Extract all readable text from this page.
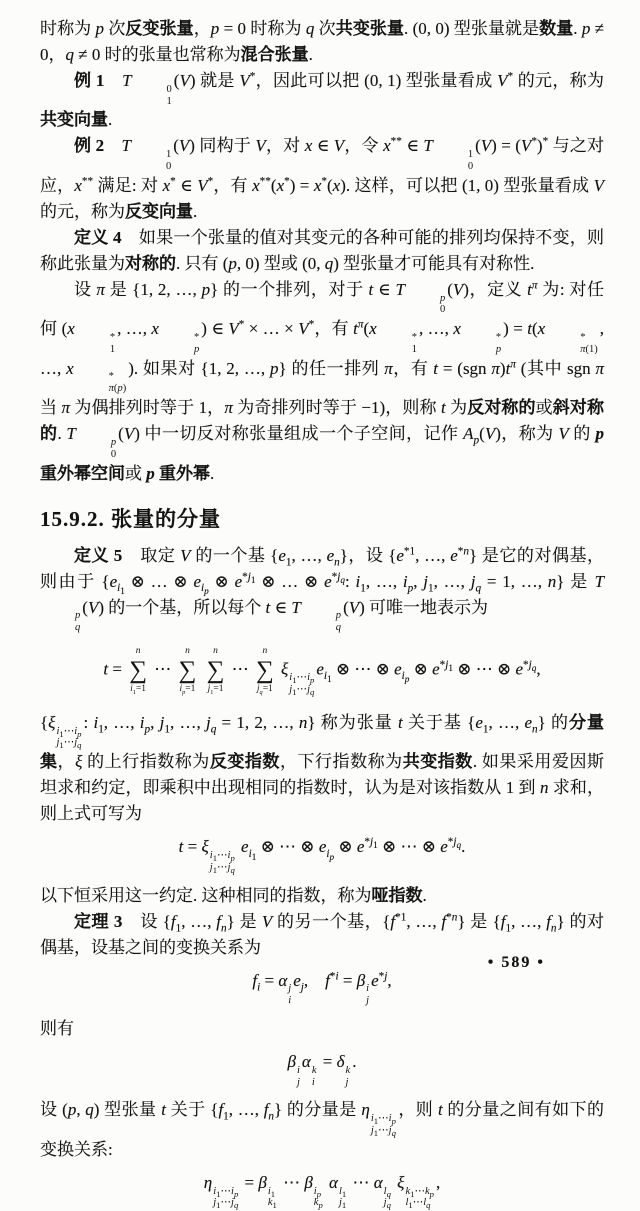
时称为 p 次反变张量，p = 0 时称为 q 次共变张量. (0, 0) 型张量就是数量. p ≠ 0，q ≠ 0 时的张量也常称为混合张量.

例 1　 T	0
1
(V) 就是 V*，因此可以把 (0, 1) 型张量看成 V* 的元，称为共变向量.

例 2　 T	1
0
(V) 同构于 V，对 x ∈ V，令 x** ∈ T	1
0
(V) = (V*)* 与之对应，x** 满足: 对 x* ∈ V*，有 x**(x*) = x*(x). 这样，可以把 (1, 0) 型张量看成 V 的元，称为反变向量.

定义 4　如果一个张量的值对其变元的各种可能的排列均保持不变，则称此张量为对称的. 只有 (p, 0) 型或 (0, q) 型张量才可能具有对称性.

设 π 是 {1, 2, …, p} 的一个排列，对于 t ∈ T	p
0
(V)，定义 $t^\pi$ 为: 对任何 (x	*
1
, …, x	*
p
) ∈ V* × … × V*，有 $t^\pi(x$	*
1
, …, x	*
p
) = t(x	*
π(1)
, …, x	*
π(p)
). 如果对 {1, 2, …, p} 的任一排列 π，有 t = (sgn $\pi)t^\pi$ (其中 sgn π 当 π 为偶排列时等于 1，π 为奇排列时等于 −1)，则称 t 为反对称的或斜对称的. T	p
0
(V) 中一切反对称张量组成一个子空间，记作 $A_p(V)$，称为 V 的 p 重外幂空间或 p 重外幂.

15.9.2. 张量的分量

定义 5　取定 V 的一个基 {$e_1$, …, $e_n$}，设 {$e^{*1}$, …, $e^{*n}$} 是它的对偶基，则由于 {$e_{i_1}$ ⊗ … ⊗ $e_{i_p}$ ⊗ $e^{*j_1}$ ⊗ … ⊗ $e^{*j_q}$: $i_1$, …, $i_p$, $j_1$, …, $j_q = 1$, …, n} 是 T
p
q
(V) 的一个基，所以每个 t ∈ T	p
q
(V) 可唯一地表示为

t =
n
∑
$i_1=1$
⋯
n
∑
$i_p=1$

n
∑
$j_1=1$
⋯
n
∑
$j_q=1$
ξ $i_1\cdots i_p$
$j_1\cdots j_q$
$e_{i_1}$ ⊗ ⋯ ⊗ $e_{i_p}$ ⊗ $e^{*j_1}$ ⊗ ⋯ ⊗ $e^{*j_q}$,

{ξ $i_1\cdots i_p$
$j_1\cdots j_q$
: $i_1$, …, $i_p$, $j_1$, …, $j_q = 1$, 2, …, n} 称为张量 t 关于基 {$e_1$, …, $e_n$} 的分量集，ξ 的上行指数称为反变指数，下行指数称为共变指数. 如果采用爱因斯坦求和约定，即乘积中出现相同的指数时，认为是对该指数从 1 到 n 求和，则上式可写为

t = ξ $i_1\cdots i_p$
$j_1\cdots j_q$
$e_{i_1}$ ⊗ ⋯ ⊗ $e_{i_p}$ ⊗ $e^{*j_1}$ ⊗ ⋯ ⊗ $e^{*j_q}$.

以下恒采用这一约定. 这种相同的指数，称为哑指数.

定理 3　设 {$f_1$, …, $f_n$} 是 V 的另一个基，{$f^{*1}$, …, $f^{*n}$} 是 {$f_1$, …, $f_n$} 的对偶基，设基之间的变换关系为

$f_i = \alpha$ j
i
$e_j$,　$f^{*i} = \beta$ i
j
$e^{*j}$,

则有

β i
j
α k
i
= δ k
j
.

设 (p, q) 型张量 t 关于 {$f_1$, …, $f_n$} 的分量是 η $i_1\cdots i_p$
$j_1\cdots j_q$
，则 t 的分量之间有如下的变换关系:

η $i_1\cdots i_p$
$j_1\cdots j_q$
= β $i_1$
$k_1$
⋯ β $i_p$
$k_p$
α $l_1$
$j_1$
⋯ α $l_q$
$j_q$
ξ $k_1\cdots k_p$
$l_1\cdots l_q$
,
• 589 •
